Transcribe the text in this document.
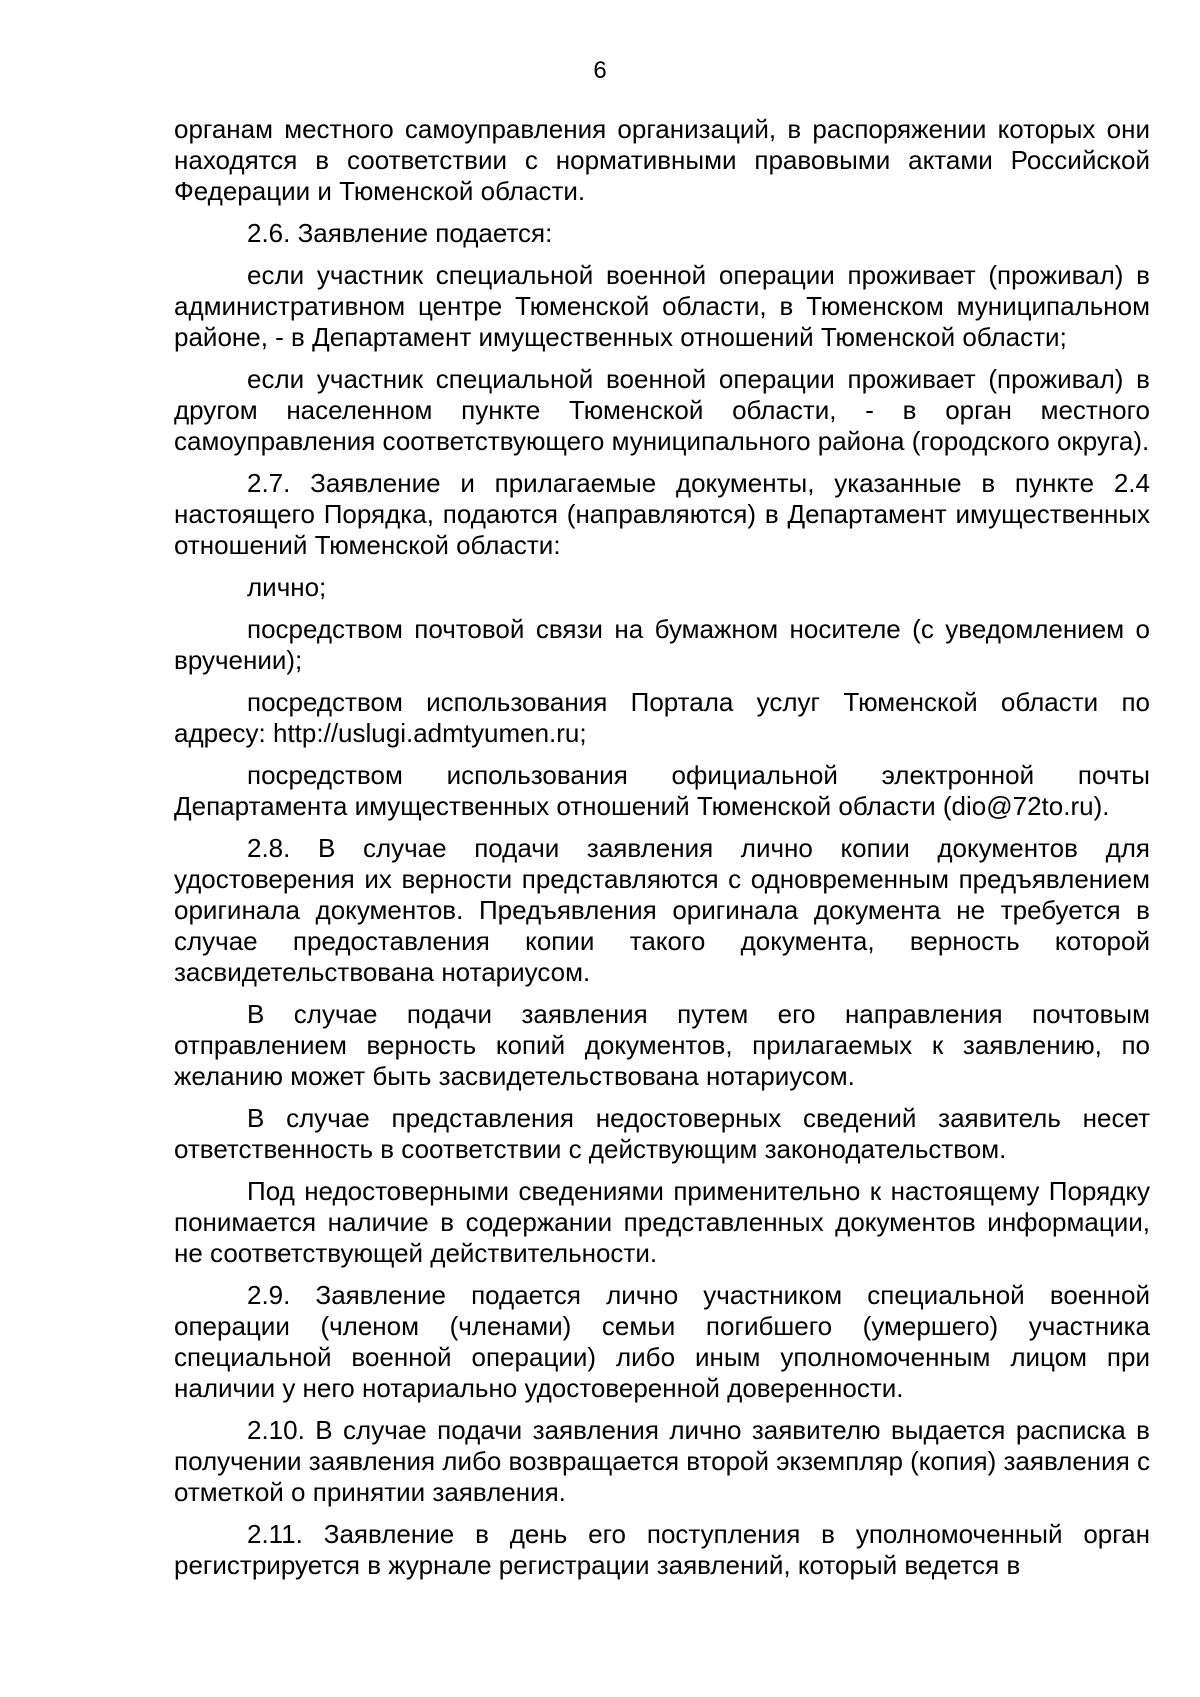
6

органам местного самоуправления организаций, в распоряжении которых они находятся в соответствии с нормативными правовыми актами Российской Федерации и Тюменской области.

2.6. Заявление подается:

если участник специальной военной операции проживает (проживал) в административном центре Тюменской области, в Тюменском муниципальном районе, - в Департамент имущественных отношений Тюменской области;

если участник специальной военной операции проживает (проживал) в другом населенном пункте Тюменской области, - в орган местного самоуправления соответствующего муниципального района (городского округа).

2.7. Заявление и прилагаемые документы, указанные в пункте 2.4 настоящего Порядка, подаются (направляются) в Департамент имущественных отношений Тюменской области:

лично;

посредством почтовой связи на бумажном носителе (с уведомлением о вручении);

посредством использования Портала услуг Тюменской области по адресу: http://uslugi.admtyumen.ru;

посредством использования официальной электронной почты Департамента имущественных отношений Тюменской области (dio@72to.ru).

2.8. В случае подачи заявления лично копии документов для удостоверения их верности представляются с одновременным предъявлением оригинала документов. Предъявления оригинала документа не требуется в случае предоставления копии такого документа, верность которой засвидетельствована нотариусом.

В случае подачи заявления путем его направления почтовым отправлением верность копий документов, прилагаемых к заявлению, по желанию может быть засвидетельствована нотариусом.

В случае представления недостоверных сведений заявитель несет ответственность в соответствии с действующим законодательством.

Под недостоверными сведениями применительно к настоящему Порядку понимается наличие в содержании представленных документов информации, не соответствующей действительности.

2.9. Заявление подается лично участником специальной военной операции (членом (членами) семьи погибшего (умершего) участника специальной военной операции) либо иным уполномоченным лицом при наличии у него нотариально удостоверенной доверенности.

2.10. В случае подачи заявления лично заявителю выдается расписка в получении заявления либо возвращается второй экземпляр (копия) заявления с отметкой о принятии заявления.

2.11. Заявление в день его поступления в уполномоченный орган регистрируется в журнале регистрации заявлений, который ведется в
